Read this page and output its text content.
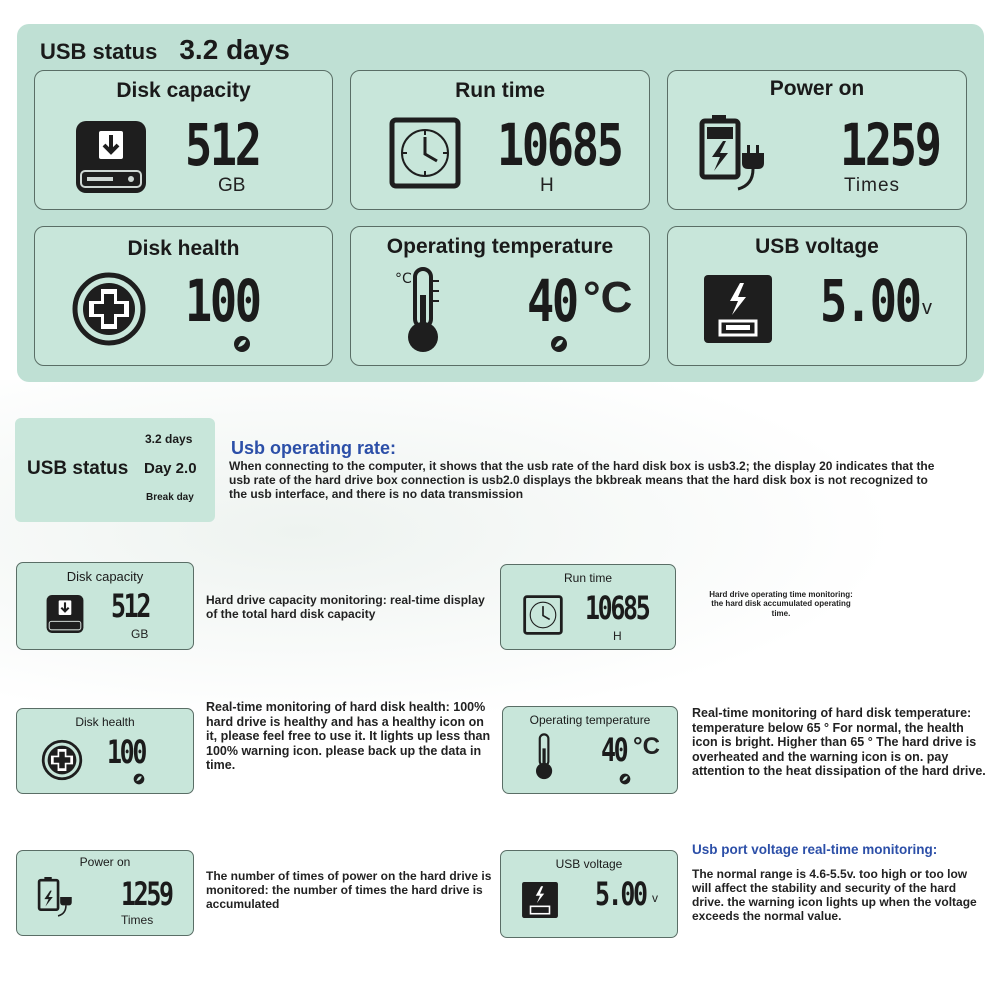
USB status 3.2 days
Disk capacity
512
GB
Run time
10685
H
Power on
1259
Times
Disk health
100
Operating temperature
°C 40 °C
USB voltage
5.00 v
USB status
3.2 days
Day 2.0
Break day
Usb operating rate:
When connecting to the computer, it shows that the usb rate of the hard disk box is usb3.2; the display 20 indicates that the usb rate of the hard drive box connection is usb2.0 displays the bkbreak means that the hard disk box is not recognized to the usb interface, and there is no data transmission
Disk capacity
512
GB
Hard drive capacity monitoring: real-time display of the total hard disk capacity
Run time
10685
H
Hard drive operating time monitoring: the hard disk accumulated operating time.
Disk health
100
Real-time monitoring of hard disk health: 100% hard drive is healthy and has a healthy icon on it, please feel free to use it. It lights up less than 100% warning icon. please back up the data in time.
Operating temperature
40 °C
Real-time monitoring of hard disk temperature: temperature below 65 ° For normal, the health icon is bright. Higher than 65 ° The hard drive is overheated and the warning icon is on. pay attention to the heat dissipation of the hard drive.
Power on
1259
Times
The number of times of power on the hard drive is monitored: the number of times the hard drive is accumulated
USB voltage
5.00 v
Usb port voltage real-time monitoring:
The normal range is 4.6-5.5v. too high or too low will affect the stability and security of the hard drive. the warning icon lights up when the voltage exceeds the normal value.
